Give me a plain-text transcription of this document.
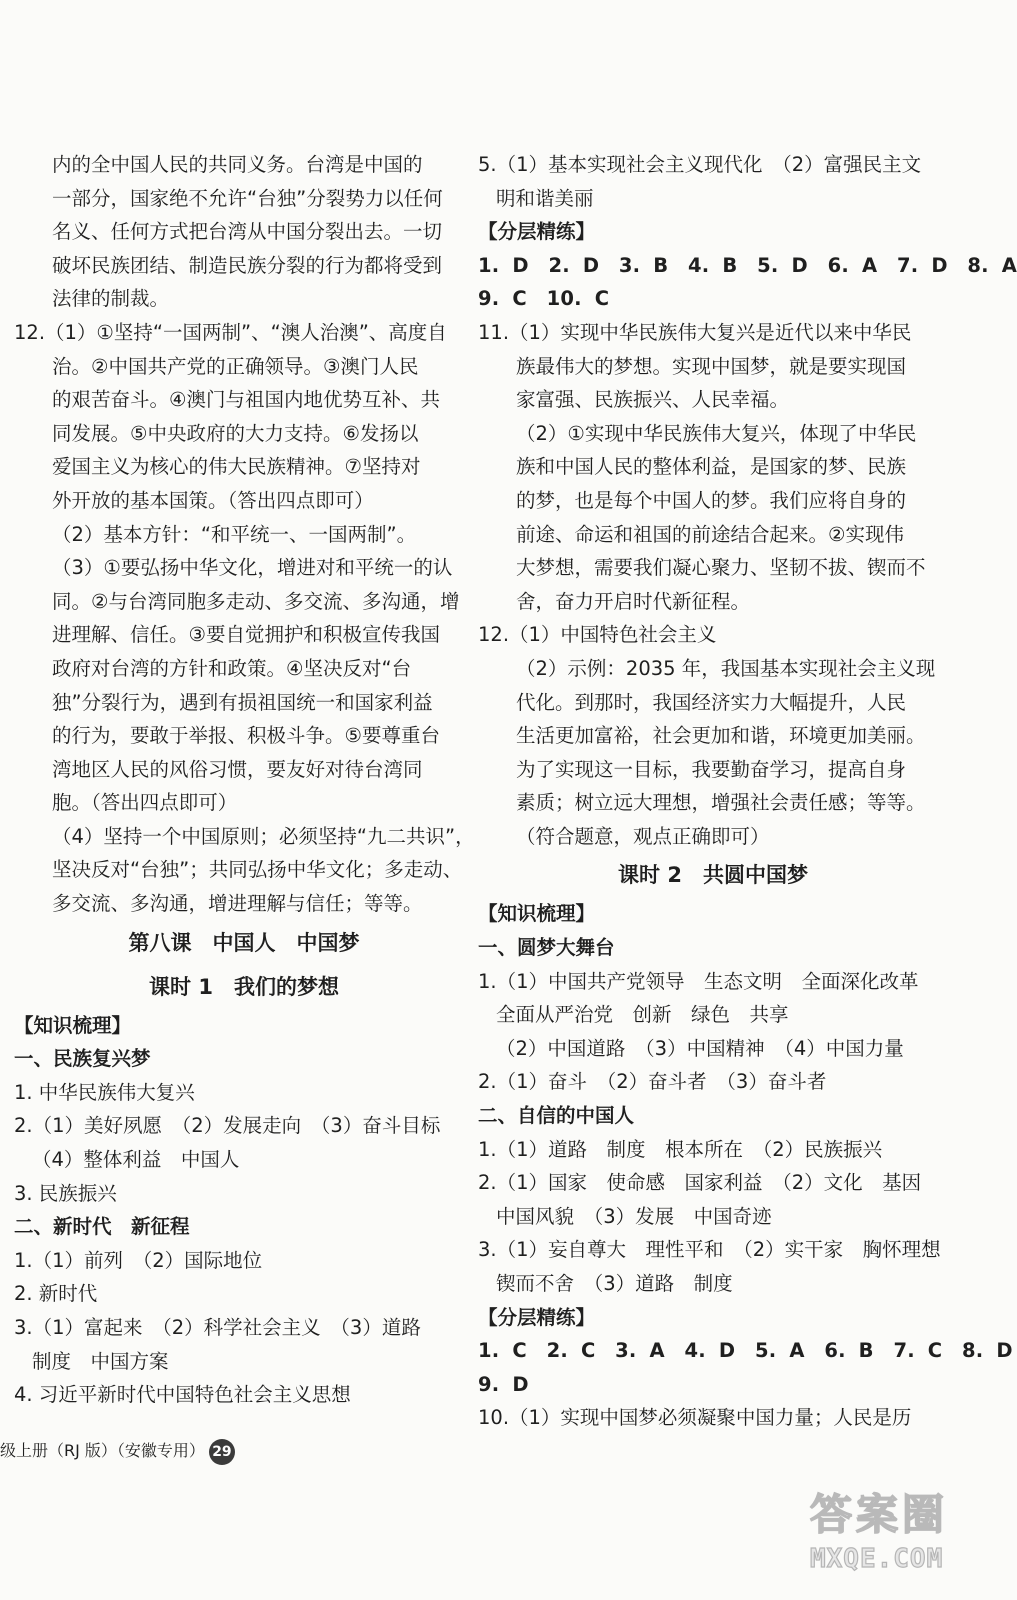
内的全中国人民的共同义务。台湾是中国的
一部分，国家绝不允许“台独”分裂势力以任何
名义、任何方式把台湾从中国分裂出去。一切
破坏民族团结、制造民族分裂的行为都将受到
法律的制裁。
12.（1）①坚持“一国两制”、“澳人治澳”、高度自
治。②中国共产党的正确领导。③澳门人民
的艰苦奋斗。④澳门与祖国内地优势互补、共
同发展。⑤中央政府的大力支持。⑥发扬以
爱国主义为核心的伟大民族精神。⑦坚持对
外开放的基本国策。（答出四点即可）
（2）基本方针：“和平统一、一国两制”。
（3）①要弘扬中华文化，增进对和平统一的认
同。②与台湾同胞多走动、多交流、多沟通，增
进理解、信任。③要自觉拥护和积极宣传我国
政府对台湾的方针和政策。④坚决反对“台
独”分裂行为，遇到有损祖国统一和国家利益
的行为，要敢于举报、积极斗争。⑤要尊重台
湾地区人民的风俗习惯，要友好对待台湾同
胞。（答出四点即可）
（4）坚持一个中国原则；必须坚持“九二共识”，
坚决反对“台独”；共同弘扬中华文化；多走动、
多交流、多沟通，增进理解与信任；等等。
第八课　中国人　中国梦
课时 1　我们的梦想
【知识梳理】
一、民族复兴梦
1. 中华民族伟大复兴
2.（1）美好夙愿　（2）发展走向　（3）奋斗目标
（4）整体利益　中国人
3. 民族振兴
二、新时代　新征程
1.（1）前列　（2）国际地位
2. 新时代
3.（1）富起来　（2）科学社会主义　（3）道路
制度　中国方案
4. 习近平新时代中国特色社会主义思想
5.（1）基本实现社会主义现代化　（2）富强民主文
明和谐美丽
【分层精练】
1. D　2. D　3. B　4. B　5. D　6. A　7. D　8. A
9. C　10. C
11.（1）实现中华民族伟大复兴是近代以来中华民
族最伟大的梦想。实现中国梦，就是要实现国
家富强、民族振兴、人民幸福。
（2）①实现中华民族伟大复兴，体现了中华民
族和中国人民的整体利益，是国家的梦、民族
的梦，也是每个中国人的梦。我们应将自身的
前途、命运和祖国的前途结合起来。②实现伟
大梦想，需要我们凝心聚力、坚韧不拔、锲而不
舍，奋力开启时代新征程。
12.（1）中国特色社会主义
（2）示例：2035 年，我国基本实现社会主义现
代化。到那时，我国经济实力大幅提升，人民
生活更加富裕，社会更加和谐，环境更加美丽。
为了实现这一目标，我要勤奋学习，提高自身
素质；树立远大理想，增强社会责任感；等等。
（符合题意，观点正确即可）
课时 2　共圆中国梦
【知识梳理】
一、圆梦大舞台
1.（1）中国共产党领导　生态文明　全面深化改革
全面从严治党　创新　绿色　共享
（2）中国道路　（3）中国精神　（4）中国力量
2.（1）奋斗　（2）奋斗者　（3）奋斗者
二、自信的中国人
1.（1）道路　制度　根本所在　（2）民族振兴
2.（1）国家　使命感　国家利益　（2）文化　基因
中国风貌　（3）发展　中国奇迹
3.（1）妄自尊大　理性平和　（2）实干家　胸怀理想
锲而不舍　（3）道路　制度
【分层精练】
1. C　2. C　3. A　4. D　5. A　6. B　7. C　8. D
9. D
10.（1）实现中国梦必须凝聚中国力量；人民是历
级上册（RJ 版）（安徽专用） 29
答案圈
MXQE.COM
